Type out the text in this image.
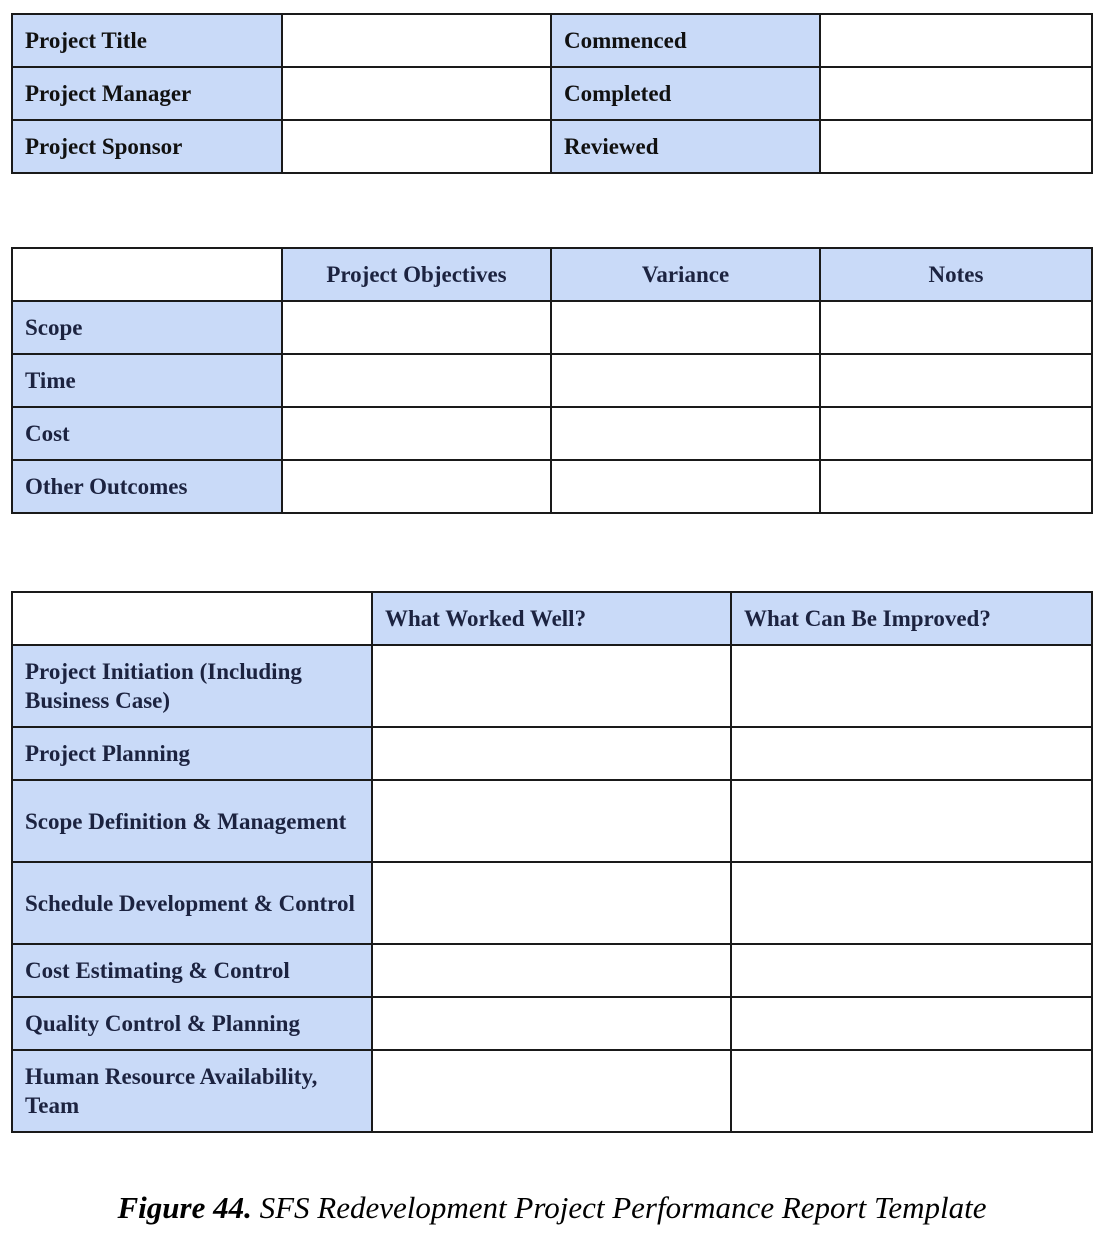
Project Title		Commenced	
Project Manager		Completed	
Project Sponsor		Reviewed	
	Project Objectives	Variance	Notes
Scope			
Time			
Cost			
Other Outcomes			
	What Worked Well?	What Can Be Improved?
Project Initiation (Including Business Case)		
Project Planning		
Scope Definition & Management		
Schedule Development & Control		
Cost Estimating & Control		
Quality Control & Planning		
Human Resource Availability, Team		
Figure 44. SFS Redevelopment Project Performance Report Template
